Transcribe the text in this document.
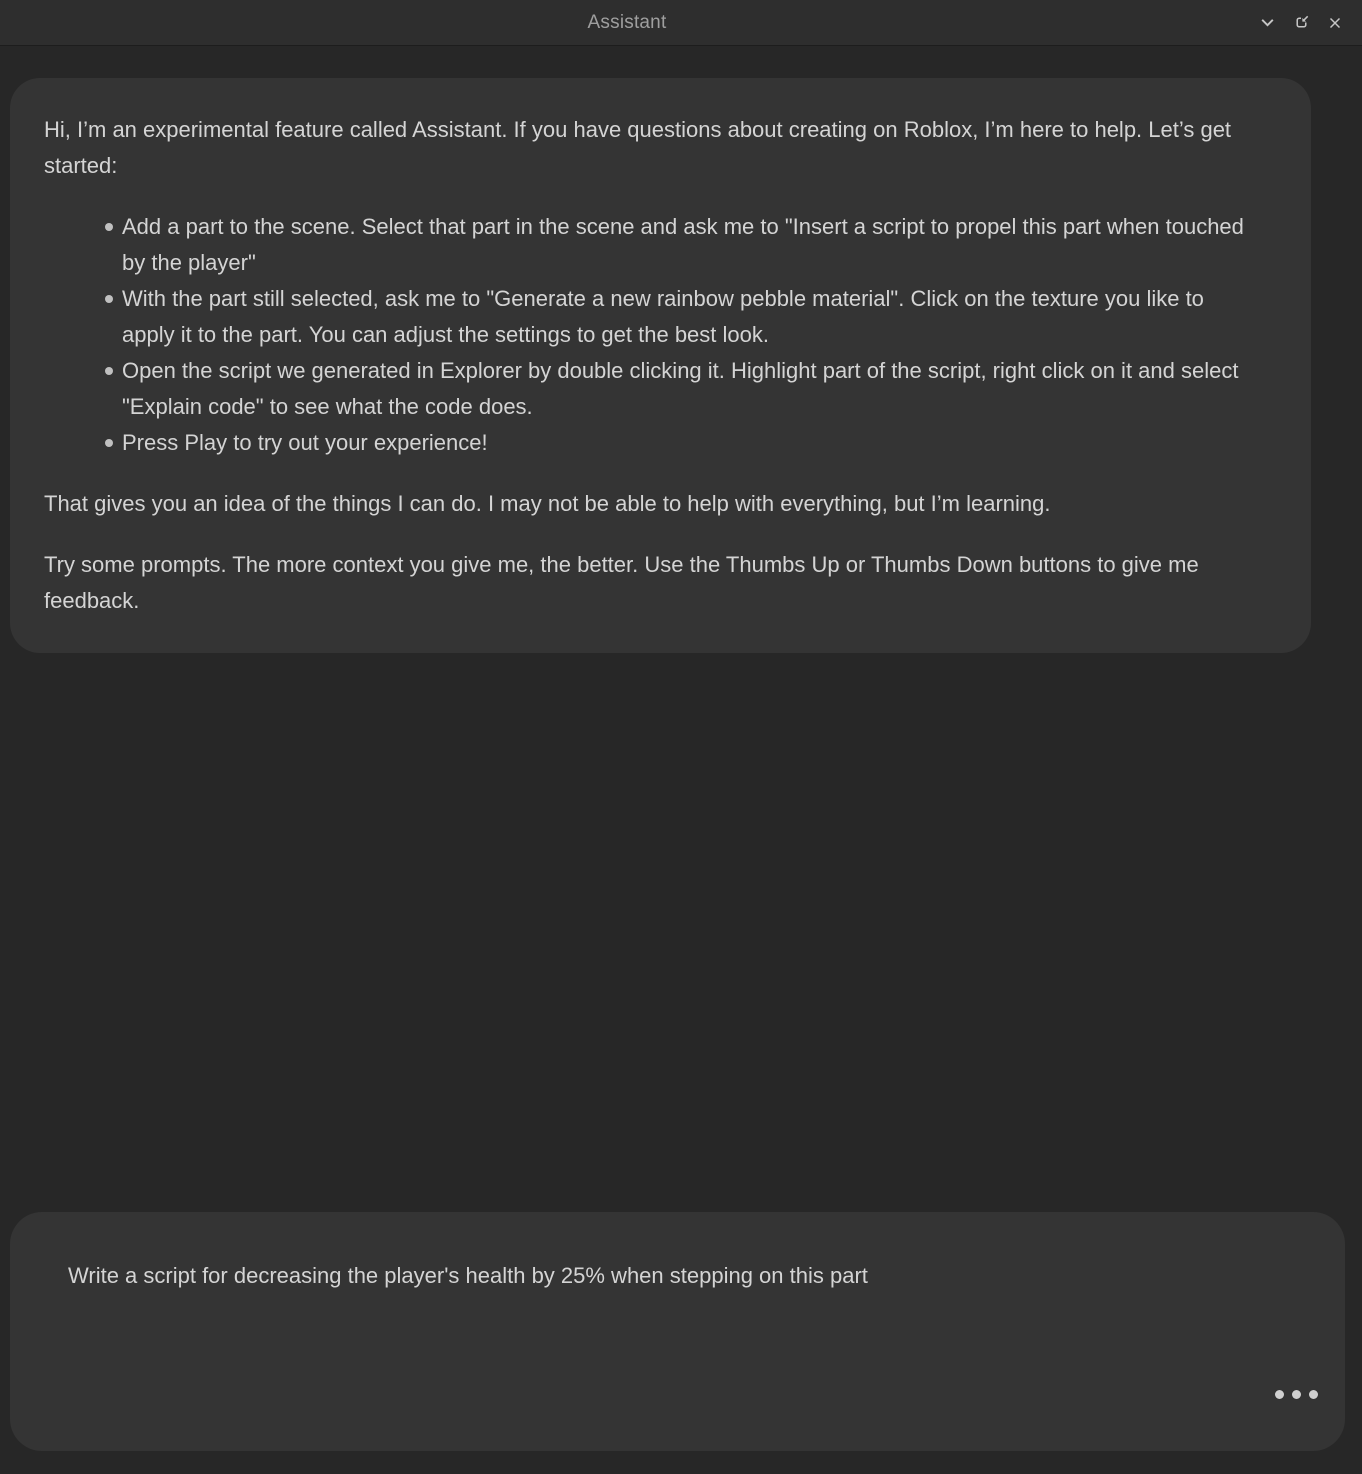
Assistant

Hi, I’m an experimental feature called Assistant. If you have questions about creating on Roblox, I’m here to help. Let’s get started:

Add a part to the scene. Select that part in the scene and ask me to "Insert a script to propel this part when touched by the player"
With the part still selected, ask me to "Generate a new rainbow pebble material". Click on the texture you like to apply it to the part. You can adjust the settings to get the best look.
Open the script we generated in Explorer by double clicking it. Highlight part of the script, right click on it and select "Explain code" to see what the code does.
Press Play to try out your experience!

That gives you an idea of the things I can do. I may not be able to help with everything, but I’m learning.

Try some prompts. The more context you give me, the better. Use the Thumbs Up or Thumbs Down buttons to give me feedback.

Write a script for decreasing the player's health by 25% when stepping on this part
